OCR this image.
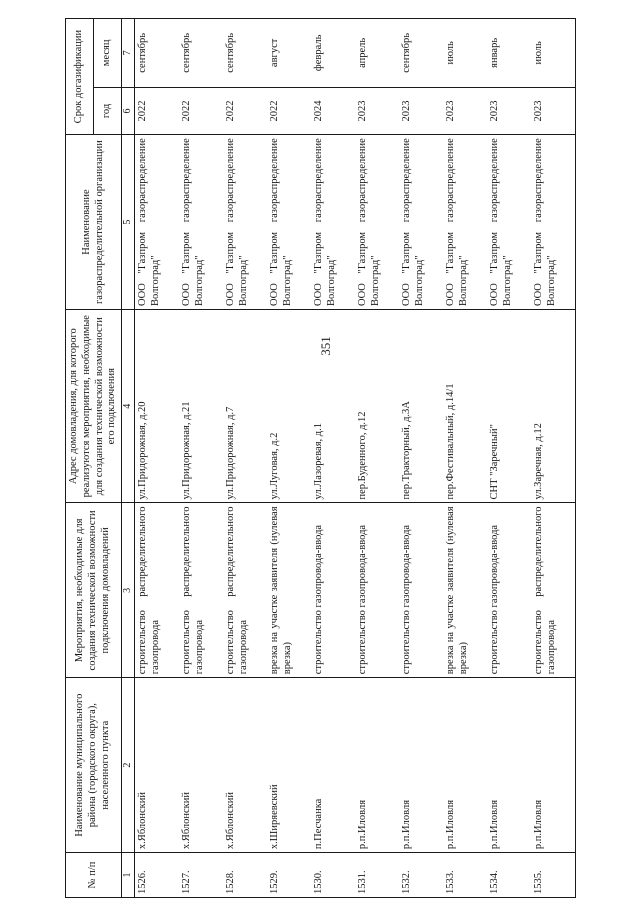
351
№ п/п	Наименование муниципального района (городского округа), населенного пункта	Мероприятия, необходимые для создания технической возможности подключения домовладений	Адрес домовладения, для которого реализуются мероприятия, необходимые для создания технической возможности его подключения	Наименование газораспределительной организации	Срок догазификации	
					год	месяц
1	2	3	4	5	6	7
1526.	х.Яблонский	строительство распределительного газопровода	ул.Придорожная, д.20	ООО "Газпром газораспределение Волгоград"	2022	сентябрь
1527.	х.Яблонский	строительство распределительного газопровода	ул.Придорожная, д.21	ООО "Газпром газораспределение Волгоград"	2022	сентябрь
1528.	х.Яблонский	строительство распределительного газопровода	ул.Придорожная, д.7	ООО "Газпром газораспределение Волгоград"	2022	сентябрь
1529.	х.Ширяевский	врезка на участке заявителя (нулевая врезка)	ул.Луговая, д.2	ООО "Газпром газораспределение Волгоград"	2022	август
1530.	п.Песчанка	строительство газопровода-ввода	ул.Лазоревая, д.1	ООО "Газпром газораспределение Волгоград"	2024	февраль
1531.	р.п.Иловля	строительство газопровода-ввода	пер.Буденного, д.12	ООО "Газпром газораспределение Волгоград"	2023	апрель
1532.	р.п.Иловля	строительство газопровода-ввода	пер.Тракторный, д.3А	ООО "Газпром газораспределение Волгоград"	2023	сентябрь
1533.	р.п.Иловля	врезка на участке заявителя (нулевая врезка)	пер.Фестивальный, д.14/1	ООО "Газпром газораспределение Волгоград"	2023	июль
1534.	р.п.Иловля	строительство газопровода-ввода	СНТ "Заречный"	ООО "Газпром газораспределение Волгоград"	2023	январь
1535.	р.п.Иловля	строительство распределительного газопровода	ул.Заречная, д.12	ООО "Газпром газораспределение Волгоград"	2023	июль
